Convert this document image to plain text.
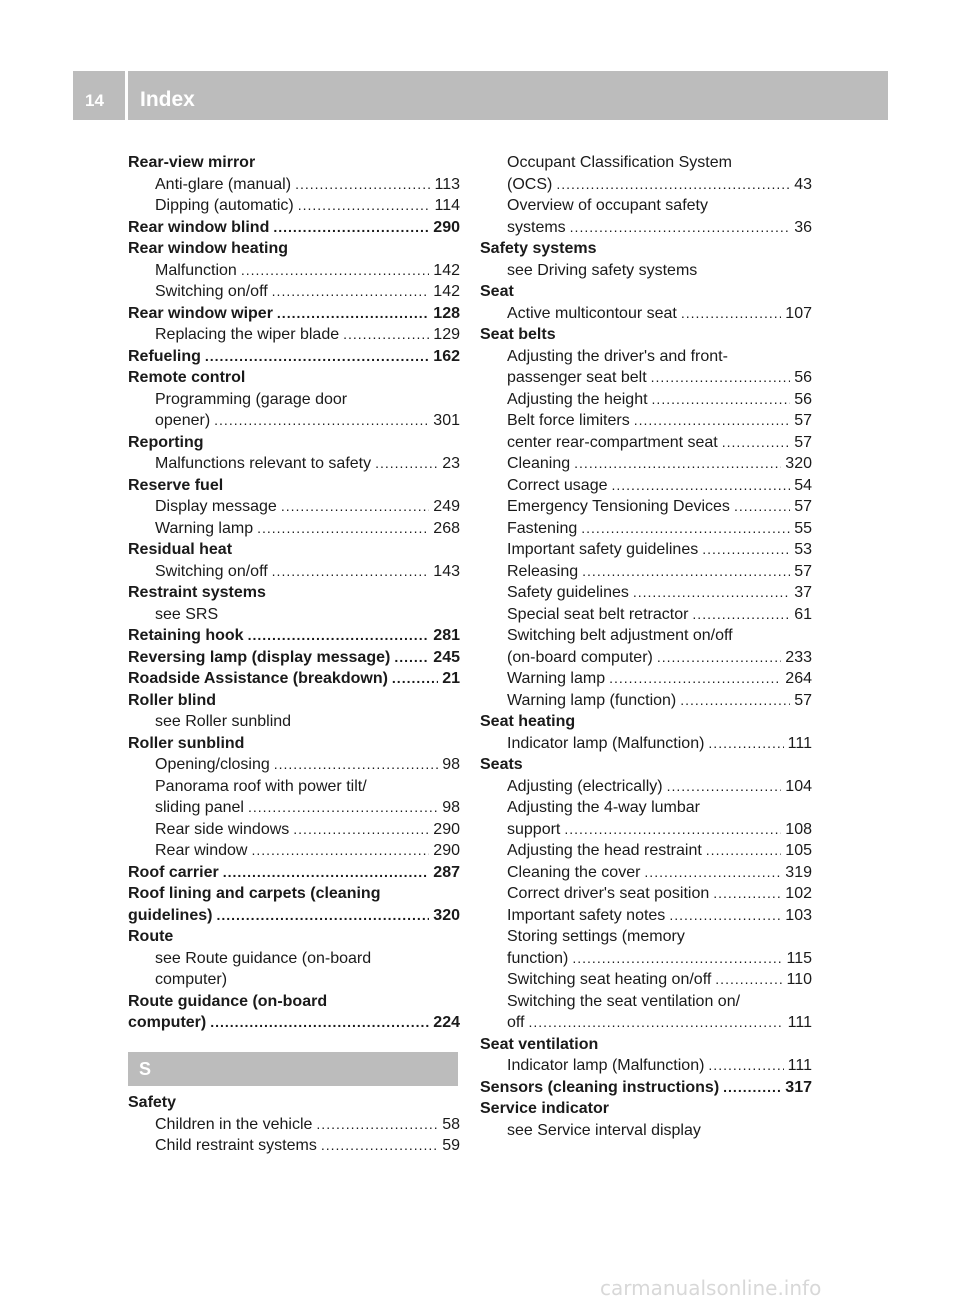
14 Index
Rear-view mirror
Anti-glare (manual) .....	113
Dipping (automatic) .....	114
Rear window blind .....	290
Rear window heating
Malfunction .....	142
Switching on/off .....	142
Rear window wiper .....	128
Replacing the wiper blade .....	129
Refueling .....	162
Remote control
Programming (garage door
opener) .....	301
Reporting
Malfunctions relevant to safety .....	23
Reserve fuel
Display message .....	249
Warning lamp .....	268
Residual heat
Switching on/off .....	143
Restraint systems
see SRS
Retaining hook .....	281
Reversing lamp (display message) .....	245
Roadside Assistance (breakdown) .....	21
Roller blind
see Roller sunblind
Roller sunblind
Opening/closing .....	98
Panorama roof with power tilt/
sliding panel .....	98
Rear side windows .....	290
Rear window .....	290
Roof carrier .....	287
Roof lining and carpets (cleaning
guidelines) .....	320
Route
see Route guidance (on-board
computer)
Route guidance (on-board
computer) .....	224
S
Safety
Children in the vehicle .....	58
Child restraint systems .....	59
Occupant Classification System
(OCS) .....	43
Overview of occupant safety
systems .....	36
Safety systems
see Driving safety systems
Seat
Active multicontour seat .....	107
Seat belts
Adjusting the driver's and front-
passenger seat belt .....	56
Adjusting the height .....	56
Belt force limiters .....	57
center rear-compartment seat .....	57
Cleaning .....	320
Correct usage .....	54
Emergency Tensioning Devices .....	57
Fastening .....	55
Important safety guidelines .....	53
Releasing .....	57
Safety guidelines .....	37
Special seat belt retractor .....	61
Switching belt adjustment on/off
(on-board computer) .....	233
Warning lamp .....	264
Warning lamp (function) .....	57
Seat heating
Indicator lamp (Malfunction) .....	111
Seats
Adjusting (electrically) .....	104
Adjusting the 4-way lumbar
support .....	108
Adjusting the head restraint .....	105
Cleaning the cover .....	319
Correct driver's seat position .....	102
Important safety notes .....	103
Storing settings (memory
function) .....	115
Switching seat heating on/off .....	110
Switching the seat ventilation on/
off .....	111
Seat ventilation
Indicator lamp (Malfunction) .....	111
Sensors (cleaning instructions) .....	317
Service indicator
see Service interval display
carmanualsonline.info
